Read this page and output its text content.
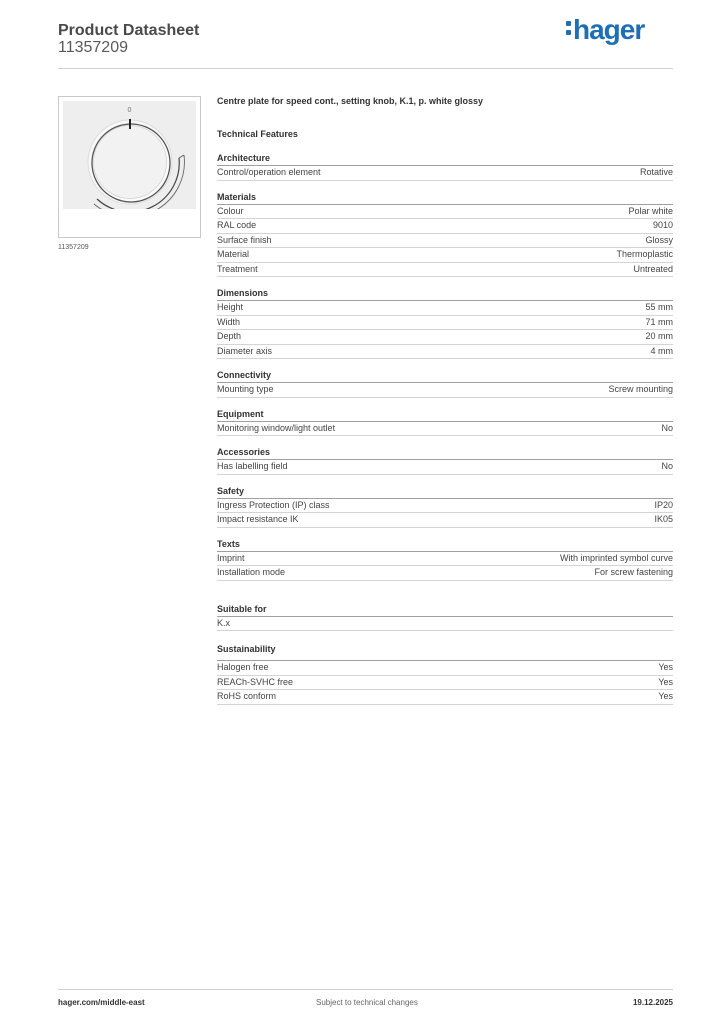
Product Datasheet
11357209
hager
0
11357209
Centre plate for speed cont., setting knob, K.1, p. white glossy
Technical Features
Architecture
Control/operation element	Rotative
Materials
Colour	Polar white
RAL code	9010
Surface finish	Glossy
Material	Thermoplastic
Treatment	Untreated
Dimensions
Height	55 mm
Width	71 mm
Depth	20 mm
Diameter axis	4 mm
Connectivity
Mounting type	Screw mounting
Equipment
Monitoring window/light outlet	No
Accessories
Has labelling field	No
Safety
Ingress Protection (IP) class	IP20
Impact resistance IK	IK05
Texts
Imprint	With imprinted symbol curve
Installation mode	For screw fastening
Suitable for
K.x
Sustainability
Halogen free	Yes
REACh-SVHC free	Yes
RoHS conform	Yes
hager.com/middle-east	Subject to technical changes	19.12.2025
